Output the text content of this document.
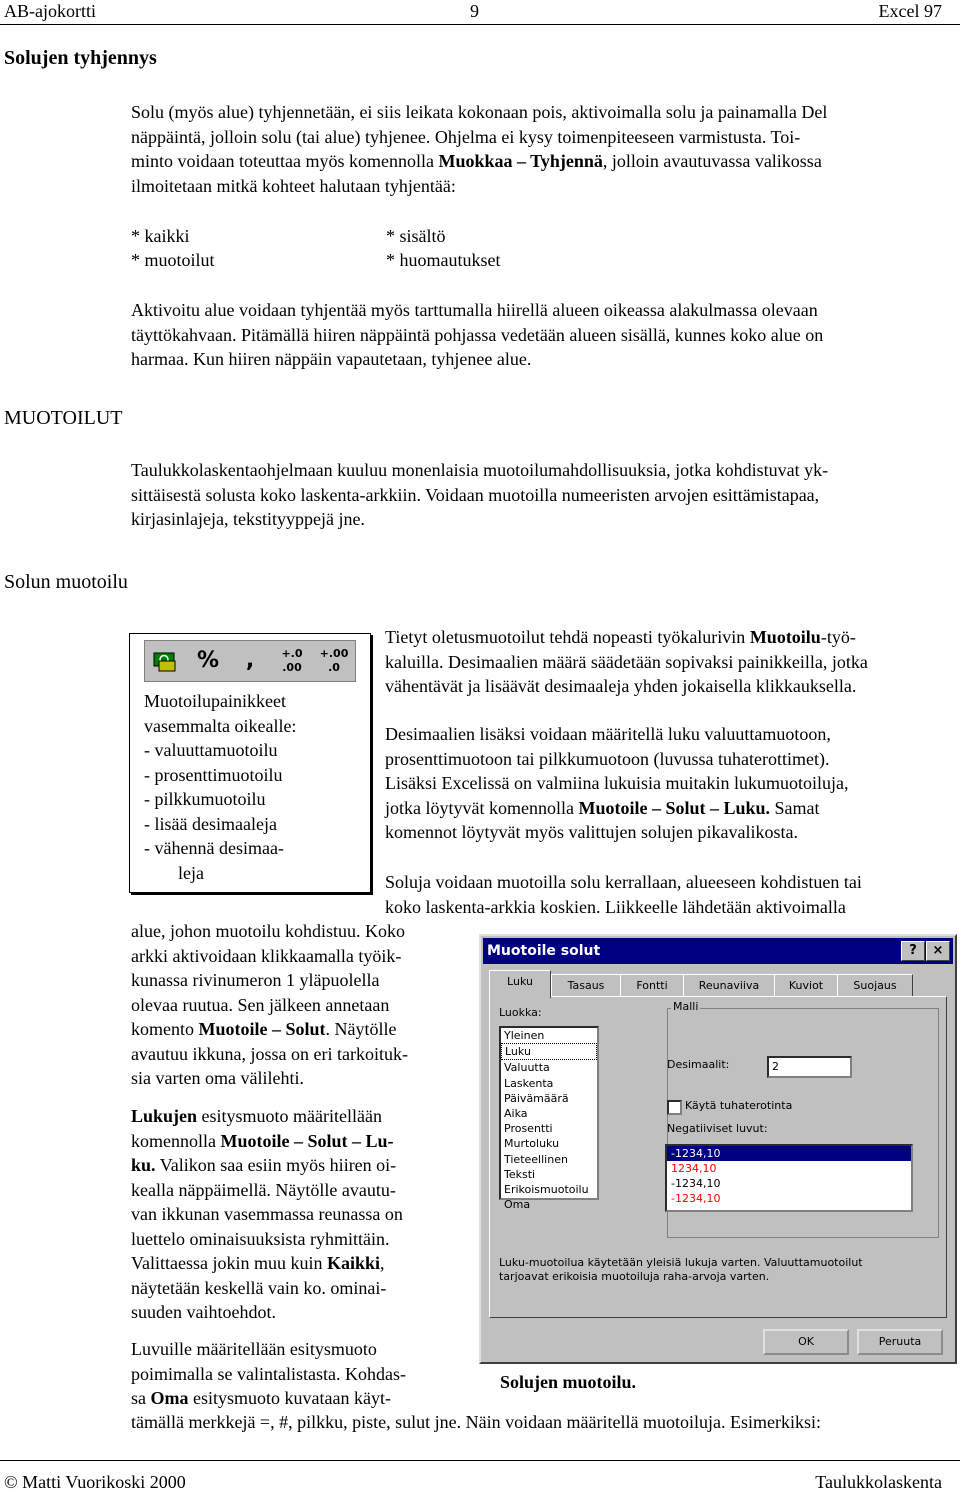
AB-ajokortti	9	Excel 97
Solujen tyhjennys

Solu (myös alue) tyhjennetään, ei siis leikata kokonaan pois, aktivoimalla solu ja painamalla Del

näppäintä, jolloin solu (tai alue) tyhjenee. Ohjelma ei kysy toimenpiteeseen varmistusta. Toi-

minto voidaan toteuttaa myös komennolla Muokkaa – Tyhjennä, jolloin avautuvassa valikossa

ilmoitetaan mitkä kohteet halutaan tyhjentää:

* kaikki	* sisältö
* muotoilut	* huomautukset

Aktivoitu alue voidaan tyhjentää myös tarttumalla hiirellä alueen oikeassa alakulmassa olevaan

täyttökahvaan. Pitämällä hiiren näppäintä pohjassa vedetään alueen sisällä, kunnes koko alue on

harmaa. Kun hiiren näppäin vapautetaan, tyhjenee alue.

MUOTOILUT

Taulukkolaskentaohjelmaan kuuluu monenlaisia muotoilumahdollisuuksia, jotka kohdistuvat yk-

sittäisestä solusta koko laskenta-arkkiin. Voidaan muotoilla numeeristen arvojen esittämistapaa,

kirjasinlajeja, tekstityyppejä jne.

Solun muotoilu
%	,	+.0 .00
+.00 .0

Muotoilupainikkeet

vasemmalta oikealle:

- valuuttamuotoilu

- prosenttimuotoilu

- pilkkumuotoilu

- lisää desimaaleja

- vähennä desimaa-

leja

Tietyt oletusmuotoilut tehdä nopeasti työkalurivin Muotoilu-työ-

kaluilla. Desimaalien määrä säädetään sopivaksi painikkeilla, jotka

vähentävät ja lisäävät desimaaleja yhden jokaisella klikkauksella.

Desimaalien lisäksi voidaan määritellä luku valuuttamuotoon,

prosenttimuotoon tai pilkkumuotoon (luvussa tuhaterottimet).

Lisäksi Excelissä on valmiina lukuisia muitakin lukumuotoiluja,

jotka löytyvät komennolla Muotoile – Solut – Luku. Samat

komennot löytyvät myös valittujen solujen pikavalikosta.

Soluja voidaan muotoilla solu kerrallaan, alueeseen kohdistuen tai

koko laskenta-arkkia koskien. Liikkeelle lähdetään aktivoimalla

alue, johon muotoilu kohdistuu. Koko

arkki aktivoidaan klikkaamalla työik-

kunassa rivinumeron 1 yläpuolella

olevaa ruutua. Sen jälkeen annetaan

komento Muotoile – Solut. Näytölle

avautuu ikkuna, jossa on eri tarkoituk-

sia varten oma välilehti.

Lukujen esitysmuoto määritellään

komennolla Muotoile – Solut – Lu-

ku. Valikon saa esiin myös hiiren oi-

kealla näppäimellä. Näytölle avautu-

van ikkunan vasemmassa reunassa on

luettelo ominaisuuksista ryhmittäin.

Valittaessa jokin muu kuin Kaikki,

näytetään keskellä vain ko. ominai-

suuden vaihtoehdot.

Luvuille määritellään esitysmuoto

poimimalla se valintalistasta. Kohdas-

sa Oma esitysmuoto kuvataan käyt-

tämällä merkkejä =, #, pilkku, piste, sulut jne. Näin voidaan määritellä muotoiluja. Esimerkiksi:
Muotoile solut	?	×
Luku	Tasaus	Fontti	Reunaviiva	Kuviot	Suojaus
Luokka:
Yleinen
Luku
Valuutta
Laskenta
Päivämäärä
Aika
Prosentti
Murtoluku
Tieteellinen
Teksti
Erikoismuotoilu
Oma
Malli
Desimaalit:	2
Käytä tuhaterotinta
Negatiiviset luvut:
-1234,10
1234,10
-1234,10
-1234,10
Luku-muotoilua käytetään yleisiä lukuja varten. Valuuttamuotoilut
tarjoavat erikoisia muotoiluja raha-arvoja varten.
OK	Peruuta
Solujen muotoilu.
© Matti Vuorikoski 2000	Taulukkolaskenta
